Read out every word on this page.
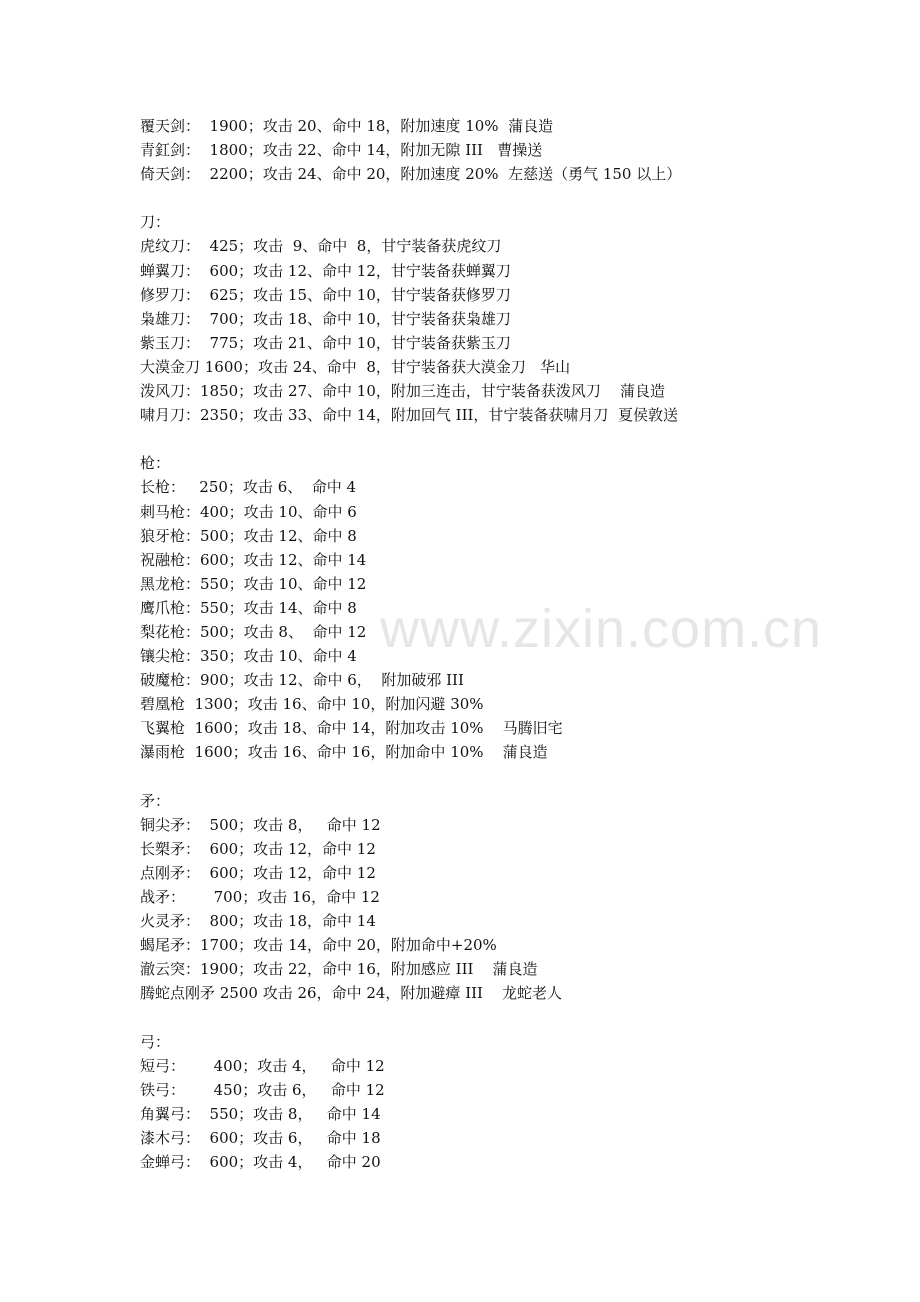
www.zixin.com.cn
覆天剑：  1900；攻击 20、命中 18，附加速度 10%  蒲良造
青釭剑：  1800；攻击 22、命中 14，附加无隙 III   曹操送
倚天剑：  2200；攻击 24、命中 20，附加速度 20%  左慈送（勇气 150 以上）
刀：
虎纹刀：  425；攻击  9、命中  8，甘宁装备获虎纹刀
蝉翼刀：  600；攻击 12、命中 12，甘宁装备获蝉翼刀
修罗刀：  625；攻击 15、命中 10，甘宁装备获修罗刀
枭雄刀：  700；攻击 18、命中 10，甘宁装备获枭雄刀
紫玉刀：  775；攻击 21、命中 10，甘宁装备获紫玉刀
大漠金刀 1600；攻击 24、命中  8，甘宁装备获大漠金刀   华山
泼风刀：1850；攻击 27、命中 10，附加三连击，甘宁装备获泼风刀    蒲良造
啸月刀：2350；攻击 33、命中 14，附加回气 III，甘宁装备获啸月刀  夏侯敦送
枪：
长枪：   250；攻击 6、  命中 4
刺马枪：400；攻击 10、命中 6
狼牙枪：500；攻击 12、命中 8
祝融枪：600；攻击 12、命中 14
黑龙枪：550；攻击 10、命中 12
鹰爪枪：550；攻击 14、命中 8
梨花枪：500；攻击 8、  命中 12
镶尖枪：350；攻击 10、命中 4
破魔枪：900；攻击 12、命中 6，  附加破邪 III
碧凰枪  1300；攻击 16、命中 10，附加闪避 30%
飞翼枪  1600；攻击 18、命中 14，附加攻击 10%    马腾旧宅
瀑雨枪  1600；攻击 16、命中 16，附加命中 10%    蒲良造
矛：
铜尖矛：  500；攻击 8，   命中 12
长槊矛：  600；攻击 12，命中 12
点刚矛：  600；攻击 12，命中 12
战矛：      700；攻击 16，命中 12
火灵矛：  800；攻击 18，命中 14
蝎尾矛：1700；攻击 14，命中 20，附加命中+20%
澈云突：1900；攻击 22，命中 16，附加感应 III    蒲良造
腾蛇点刚矛 2500 攻击 26，命中 24，附加避瘴 III    龙蛇老人
弓：
短弓：      400；攻击 4，   命中 12
铁弓：      450；攻击 6，   命中 12
角翼弓：  550；攻击 8，   命中 14
漆木弓：  600；攻击 6，   命中 18
金蝉弓：  600；攻击 4，   命中 20
